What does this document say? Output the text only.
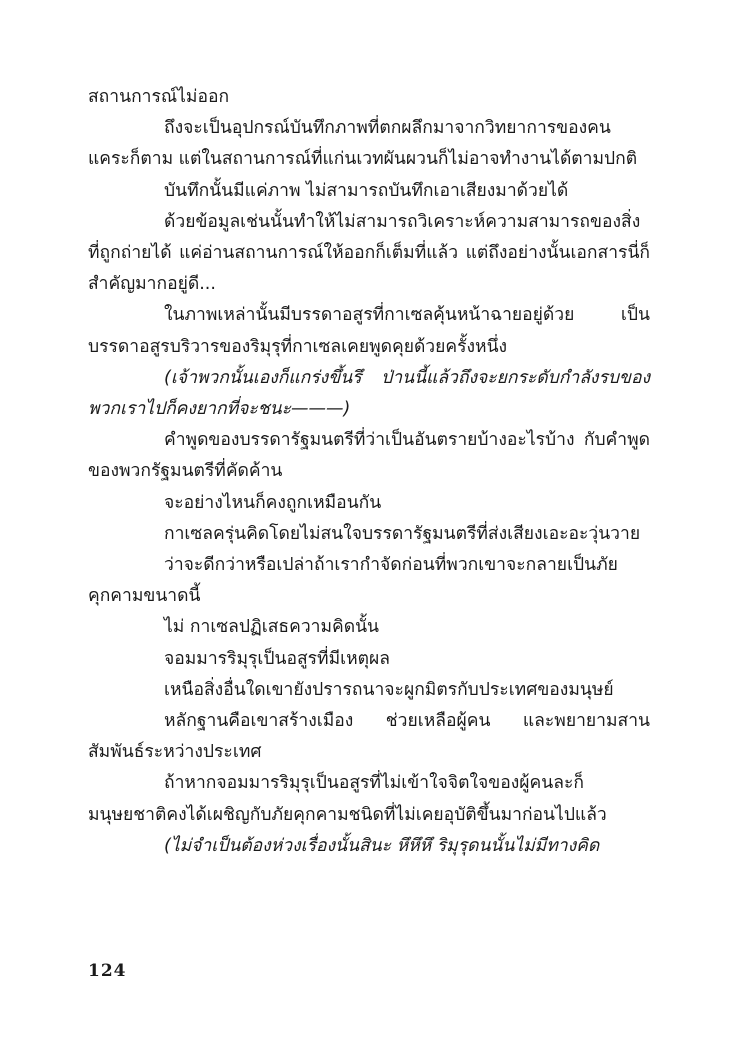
สถานการณ์ไม่ออก

ถึงจะเป็นอุปกรณ์บันทึกภาพที่ตกผลึกมาจากวิทยาการของคนแคระก็ตาม แต่ในสถานการณ์ที่แก่นเวทผันผวนก็ไม่อาจทำงานได้ตามปกติ

บันทึกนั้นมีแค่ภาพ ไม่สามารถบันทึกเอาเสียงมาด้วยได้

ด้วยข้อมูลเช่นนั้นทำให้ไม่สามารถวิเคราะห์ความสามารถของสิ่งที่ถูกถ่ายได้ แค่อ่านสถานการณ์ให้ออกก็เต็มที่แล้ว แต่ถึงอย่างนั้นเอกสารนี่ก็สำคัญมากอยู่ดี...

ในภาพเหล่านั้นมีบรรดาอสูรที่กาเซลคุ้นหน้าฉายอยู่ด้วย เป็นบรรดาอสูรบริวารของริมุรุที่กาเซลเคยพูดคุยด้วยครั้งหนึ่ง

(เจ้าพวกนั้นเองก็แกร่งขึ้นรึ ป่านนี้แล้วถึงจะยกระดับกำลังรบของพวกเราไปก็คงยากที่จะชนะ———)

คำพูดของบรรดารัฐมนตรีที่ว่าเป็นอันตรายบ้างอะไรบ้าง กับคำพูดของพวกรัฐมนตรีที่คัดค้าน

จะอย่างไหนก็คงถูกเหมือนกัน

กาเซลครุ่นคิดโดยไม่สนใจบรรดารัฐมนตรีที่ส่งเสียงเอะอะวุ่นวาย

ว่าจะดีกว่าหรือเปล่าถ้าเรากำจัดก่อนที่พวกเขาจะกลายเป็นภัยคุกคามขนาดนี้

ไม่ กาเซลปฏิเสธความคิดนั้น

จอมมารริมุรุเป็นอสูรที่มีเหตุผล

เหนือสิ่งอื่นใดเขายังปรารถนาจะผูกมิตรกับประเทศของมนุษย์

หลักฐานคือเขาสร้างเมือง ช่วยเหลือผู้คน และพยายามสานสัมพันธ์ระหว่างประเทศ

ถ้าหากจอมมารริมุรุเป็นอสูรที่ไม่เข้าใจจิตใจของผู้คนละก็มนุษยชาติคงได้เผชิญกับภัยคุกคามชนิดที่ไม่เคยอุบัติขึ้นมาก่อนไปแล้ว

(ไม่จำเป็นต้องห่วงเรื่องนั้นสินะ หึหึหึ ริมุรุดนนั้นไม่มีทางคิด

124
